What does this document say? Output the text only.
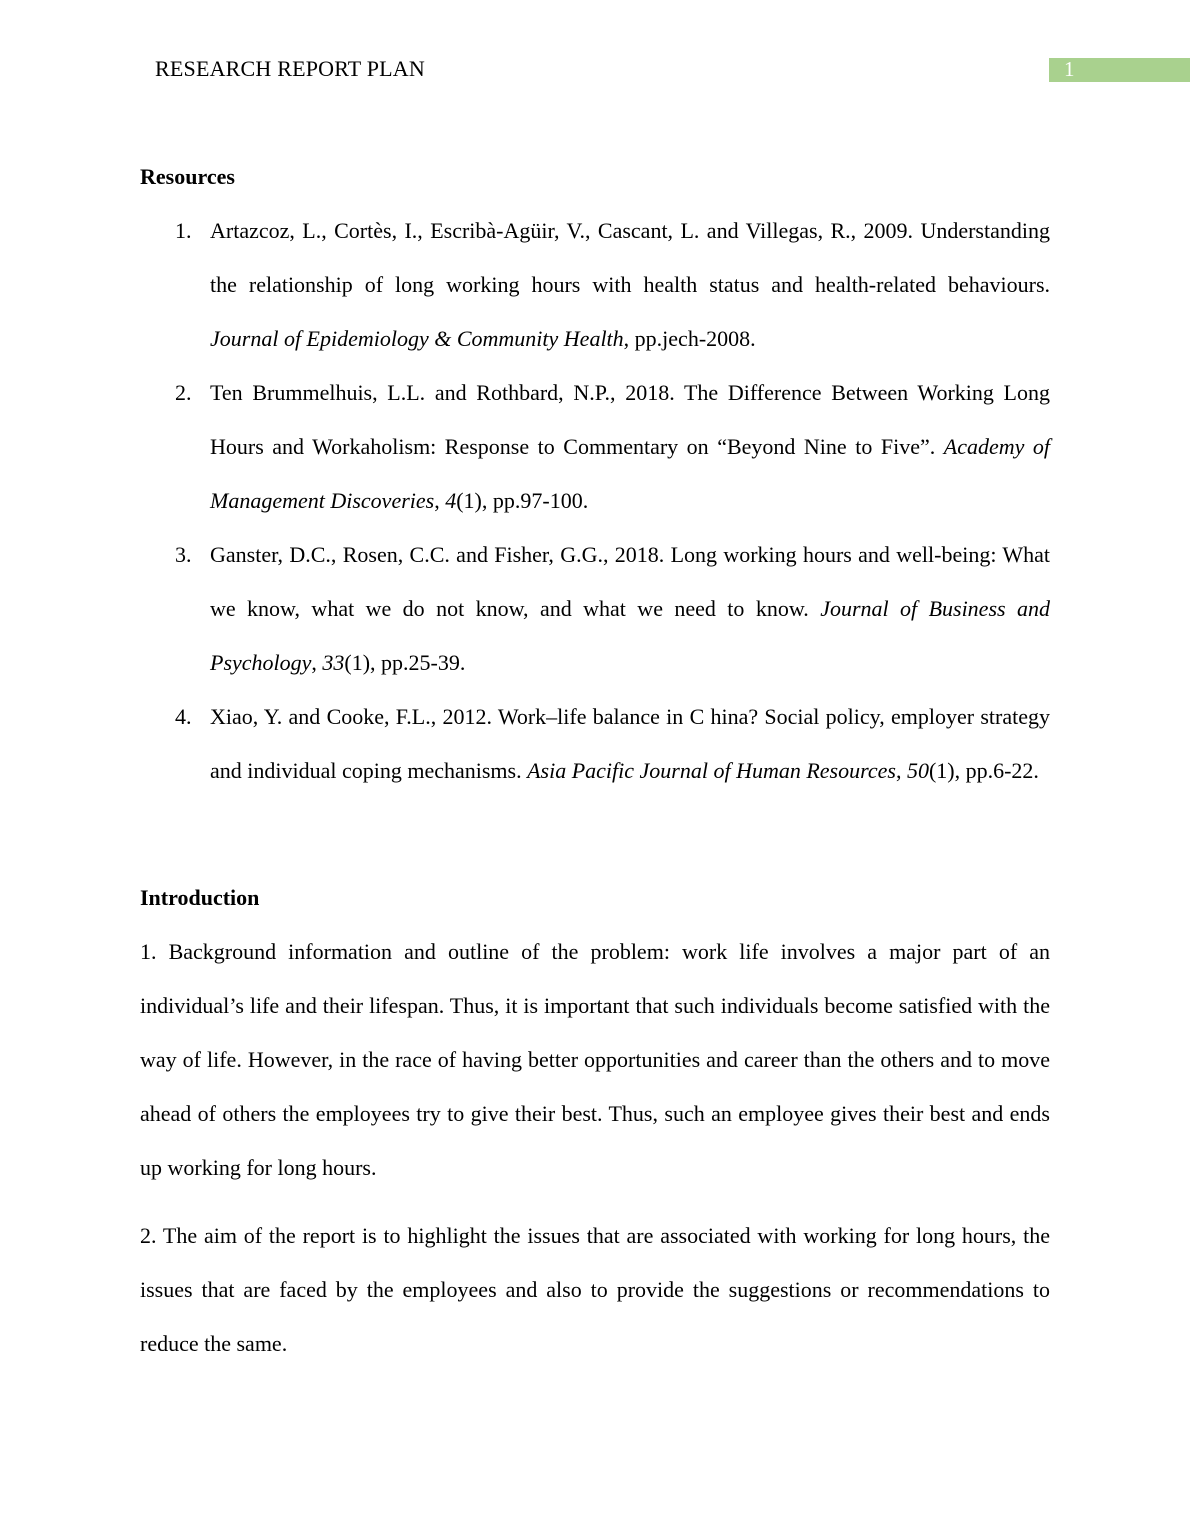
RESEARCH REPORT PLAN	1
Resources
1. Artazcoz, L., Cortès, I., Escribà-Agüir, V., Cascant, L. and Villegas, R., 2009. Understanding the relationship of long working hours with health status and health-related behaviours. Journal of Epidemiology & Community Health, pp.jech-2008.

2. Ten Brummelhuis, L.L. and Rothbard, N.P., 2018. The Difference Between Working Long Hours and Workaholism: Response to Commentary on “Beyond Nine to Five”. Academy of Management Discoveries, 4(1), pp.97-100.

3. Ganster, D.C., Rosen, C.C. and Fisher, G.G., 2018. Long working hours and well-being: What we know, what we do not know, and what we need to know. Journal of Business and Psychology, 33(1), pp.25-39.

4. Xiao, Y. and Cooke, F.L., 2012. Work–life balance in C hina? Social policy, employer strategy and individual coping mechanisms. Asia Pacific Journal of Human Resources, 50(1), pp.6-22.

Introduction

1. Background information and outline of the problem: work life involves a major part of an individual’s life and their lifespan. Thus, it is important that such individuals become satisfied with the way of life. However, in the race of having better opportunities and career than the others and to move ahead of others the employees try to give their best. Thus, such an employee gives their best and ends up working for long hours.

2. The aim of the report is to highlight the issues that are associated with working for long hours, the issues that are faced by the employees and also to provide the suggestions or recommendations to reduce the same.
